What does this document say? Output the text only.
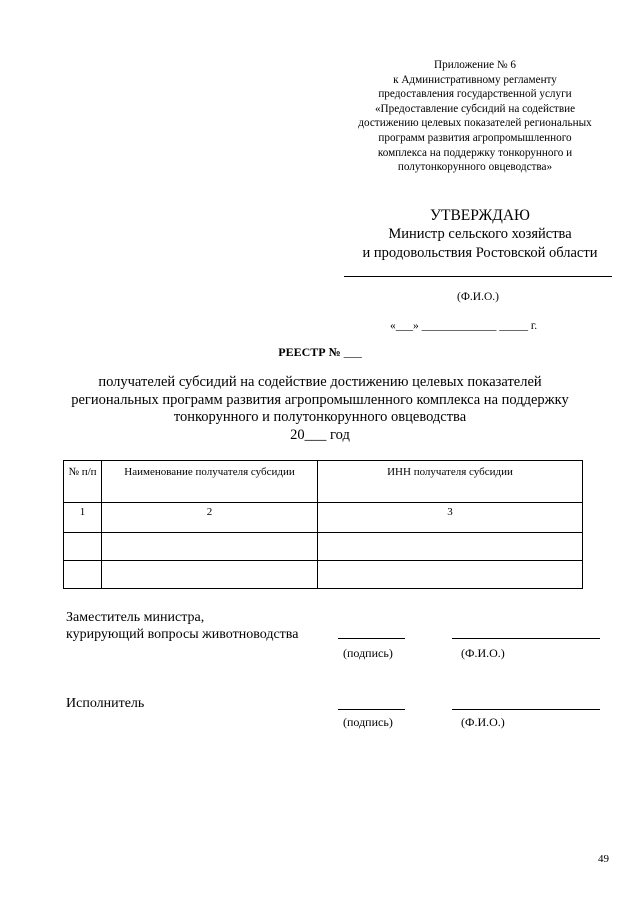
Приложение № 6
к Административному регламенту
предоставления государственной услуги
«Предоставление субсидий на содействие
достижению целевых показателей региональных
программ развития агропромышленного
комплекса на поддержку тонкорунного и
полутонкорунного овцеводства»
УТВЕРЖДАЮ
Министр сельского хозяйства
и продовольствия Ростовской области
(Ф.И.О.)
«___» _____________ _____ г.
РЕЕСТР № ___
получателей субсидий на содействие достижению целевых показателей
региональных программ развития агропромышленного комплекса на поддержку
тонкорунного и полутонкорунного овцеводства
20___ год
№ п/п	Наименование получателя субсидии	ИНН получателя субсидии
1	2	3

Заместитель министра,
курирующий вопросы животноводства
(подпись)	(Ф.И.О.)
Исполнитель
(подпись)	(Ф.И.О.)
49
